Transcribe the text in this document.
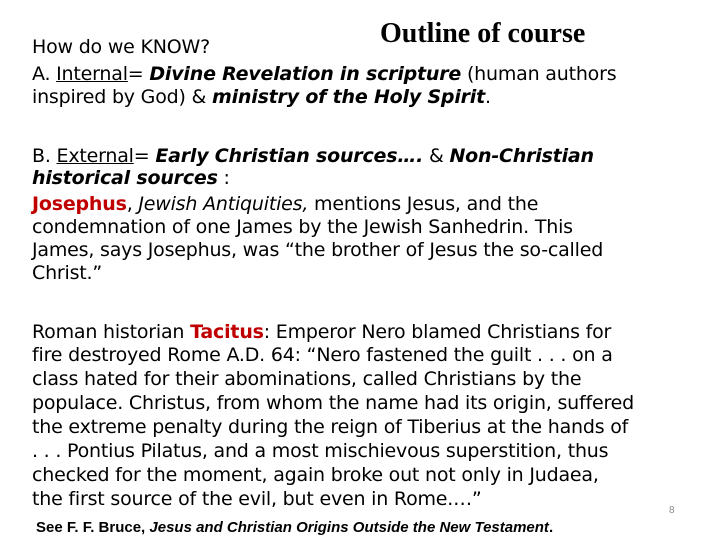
Outline of course
How do we KNOW?
A. Internal= Divine Revelation in scripture (human authors
inspired by God) & ministry of the Holy Spirit.
B. External= Early Christian sources…. & Non-Christian
historical sources :
Josephus, Jewish Antiquities, mentions Jesus, and the
condemnation of one James by the Jewish Sanhedrin. This
James, says Josephus, was “the brother of Jesus the so-called
Christ.”
Roman historian Tacitus: Emperor Nero blamed Christians for
fire destroyed Rome A.D. 64: “Nero fastened the guilt . . . on a
class hated for their abominations, called Christians by the
populace. Christus, from whom the name had its origin, suffered
the extreme penalty during the reign of Tiberius at the hands of
. . . Pontius Pilatus, and a most mischievous superstition, thus
checked for the moment, again broke out not only in Judaea,
the first source of the evil, but even in Rome.…”
8
See F. F. Bruce, Jesus and Christian Origins Outside the New Testament.
